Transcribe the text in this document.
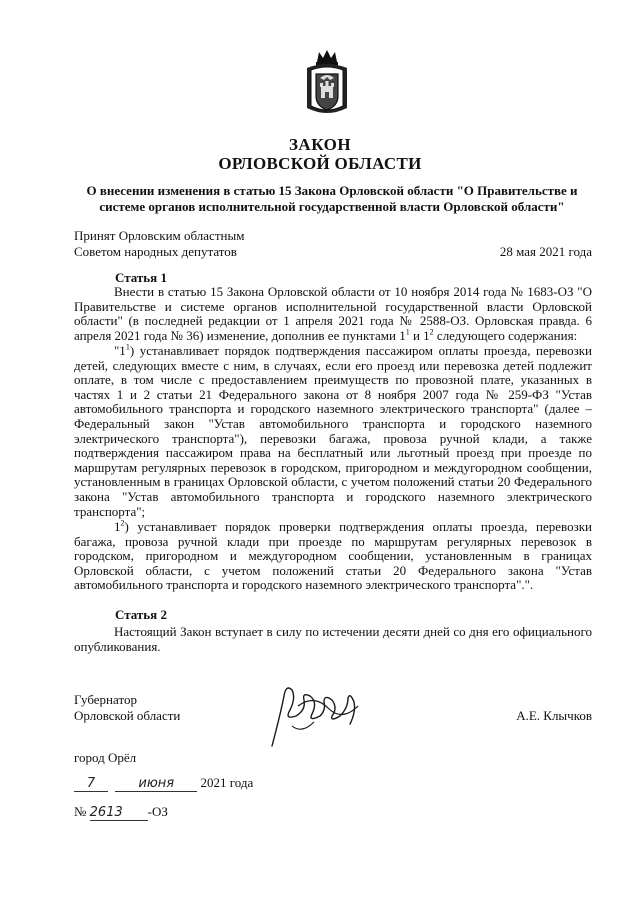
ЗАКОН
ОРЛОВСКОЙ ОБЛАСТИ
О внесении изменения в статью 15 Закона Орловской области "О Правительстве и
системе органов исполнительной государственной власти Орловской области"
Принят Орловским областным
Советом народных депутатов	28 мая 2021 года
Статья 1
Внести в статью 15 Закона Орловской области от 10 ноября 2014 года № 1683-ОЗ "О Правительстве и системе органов исполнительной государственной власти Орловской области" (в последней редакции от 1 апреля 2021 года № 2588-ОЗ. Орловская правда. 6 апреля 2021 года № 36) изменение, дополнив ее пунктами $1^1$ и $1^2$ следующего содержания:
"$1^1$) устанавливает порядок подтверждения пассажиром оплаты проезда, перевозки детей, следующих вместе с ним, в случаях, если его проезд или перевозка детей подлежит оплате, в том числе с предоставлением преимуществ по провозной плате, указанных в частях 1 и 2 статьи 21 Федерального закона от 8 ноября 2007 года № 259-ФЗ "Устав автомобильного транспорта и городского наземного электрического транспорта" (далее – Федеральный закон "Устав автомобильного транспорта и городского наземного электрического транспорта"), перевозки багажа, провоза ручной клади, а также подтверждения пассажиром права на бесплатный или льготный проезд при проезде по маршрутам регулярных перевозок в городском, пригородном и междугородном сообщении, установленным в границах Орловской области, с учетом положений статьи 20 Федерального закона "Устав автомобильного транспорта и городского наземного электрического транспорта";
$1^2$) устанавливает порядок проверки подтверждения оплаты проезда, перевозки багажа, провоза ручной клади при проезде по маршрутам регулярных перевозок в городском, пригородном и междугородном сообщении, установленным в границах Орловской области, с учетом положений статьи 20 Федерального закона "Устав автомобильного транспорта и городского наземного электрического транспорта".".
Статья 2
Настоящий Закон вступает в силу по истечении десяти дней со дня его официального опубликования.
Губернатор
Орловской области	А.Е. Клычков
город Орёл
7	июня 2021 года
№ 2613 -ОЗ
